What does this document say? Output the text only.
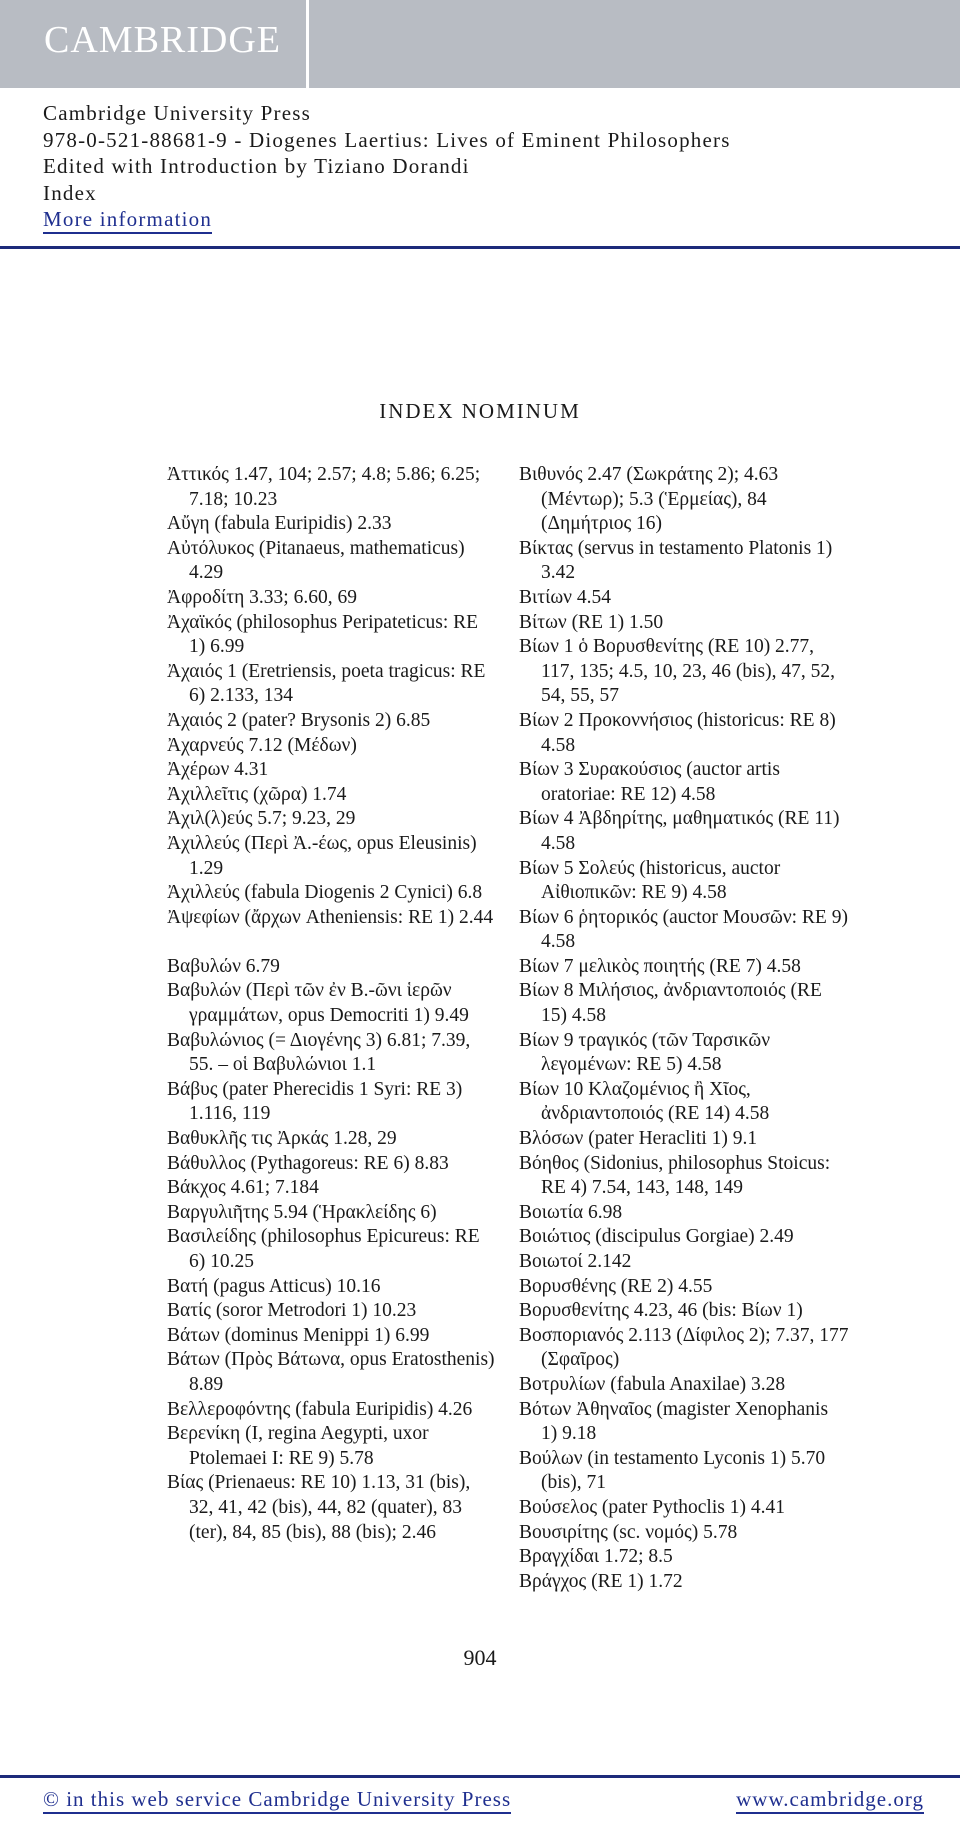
CAMBRIDGE
Cambridge University Press
978-0-521-88681-9 - Diogenes Laertius: Lives of Eminent Philosophers
Edited with Introduction by Tiziano Dorandi
Index
More information
INDEX NOMINUM
Ἀττικός 1.47, 104; 2.57; 4.8; 5.86; 6.25; 7.18; 10.23
Αὔγη (fabula Euripidis) 2.33
Αὐτόλυκος (Pitanaeus, mathematicus) 4.29
Ἀφροδίτη 3.33; 6.60, 69
Ἀχαϊκός (philosophus Peripateticus: RE 1) 6.99
Ἀχαιός 1 (Eretriensis, poeta tragicus: RE 6) 2.133, 134
Ἀχαιός 2 (pater? Brysonis 2) 6.85
Ἀχαρνεύς 7.12 (Μέδων)
Ἀχέρων 4.31
Ἀχιλλεῖτις (χῶρα) 1.74
Ἀχιλ(λ)εύς 5.7; 9.23, 29
Ἀχιλλεύς (Περὶ Ἀ.-έως, opus Eleusinis) 1.29
Ἀχιλλεύς (fabula Diogenis 2 Cynici) 6.8
Ἀψεφίων (ἄρχων Atheniensis: RE 1) 2.44
Βαβυλών 6.79
Βαβυλών (Περὶ τῶν ἐν Β.-ῶνι ἱερῶν γραμμάτων, opus Democriti 1) 9.49
Βαβυλώνιος (= Διογένης 3) 6.81; 7.39, 55. – οἱ Βαβυλώνιοι 1.1
Βάβυς (pater Pherecidis 1 Syri: RE 3) 1.116, 119
Βαθυκλῆς τις Ἀρκάς 1.28, 29
Βάθυλλος (Pythagoreus: RE 6) 8.83
Βάκχος 4.61; 7.184
Βαργυλιῆτης 5.94 (Ἡρακλείδης 6)
Βασιλείδης (philosophus Epicureus: RE 6) 10.25
Βατή (pagus Atticus) 10.16
Βατίς (soror Metrodori 1) 10.23
Βάτων (dominus Menippi 1) 6.99
Βάτων (Πρὸς Βάτωνα, opus Eratosthenis) 8.89
Βελλεροφόντης (fabula Euripidis) 4.26
Βερενίκη (I, regina Aegypti, uxor Ptolemaei I: RE 9) 5.78
Βίας (Prienaeus: RE 10) 1.13, 31 (bis), 32, 41, 42 (bis), 44, 82 (quater), 83 (ter), 84, 85 (bis), 88 (bis); 2.46
Βιθυνός 2.47 (Σωκράτης 2); 4.63 (Μέντωρ); 5.3 (Ἑρμείας), 84 (Δημήτριος 16)
Βίκτας (servus in testamento Platonis 1) 3.42
Βιτίων 4.54
Βίτων (RE 1) 1.50
Βίων 1 ὁ Βορυσθενίτης (RE 10) 2.77, 117, 135; 4.5, 10, 23, 46 (bis), 47, 52, 54, 55, 57
Βίων 2 Προκοννήσιος (historicus: RE 8) 4.58
Βίων 3 Συρακούσιος (auctor artis oratoriae: RE 12) 4.58
Βίων 4 Ἀβδηρίτης, μαθηματικός (RE 11) 4.58
Βίων 5 Σολεύς (historicus, auctor Αἰθιοπικῶν: RE 9) 4.58
Βίων 6 ῥητορικός (auctor Μουσῶν: RE 9) 4.58
Βίων 7 μελικὸς ποιητής (RE 7) 4.58
Βίων 8 Μιλήσιος, ἀνδριαντοποιός (RE 15) 4.58
Βίων 9 τραγικός (τῶν Ταρσικῶν λεγομένων: RE 5) 4.58
Βίων 10 Κλαζομένιος ἢ Χῖος, ἀνδριαντοποιός (RE 14) 4.58
Βλόσων (pater Heracliti 1) 9.1
Βόηθος (Sidonius, philosophus Stoicus: RE 4) 7.54, 143, 148, 149
Βοιωτία 6.98
Βοιώτιος (discipulus Gorgiae) 2.49
Βοιωτοί 2.142
Βορυσθένης (RE 2) 4.55
Βορυσθενίτης 4.23, 46 (bis: Βίων 1)
Βοσποριανός 2.113 (Δίφιλος 2); 7.37, 177 (Σφαῖρος)
Βοτρυλίων (fabula Anaxilae) 3.28
Βότων Ἀθηναῖος (magister Xenophanis 1) 9.18
Βούλων (in testamento Lyconis 1) 5.70 (bis), 71
Βούσελος (pater Pythoclis 1) 4.41
Βουσιρίτης (sc. νομός) 5.78
Βραγχίδαι 1.72; 8.5
Βράγχος (RE 1) 1.72
904
© in this web service Cambridge University Press	www.cambridge.org
